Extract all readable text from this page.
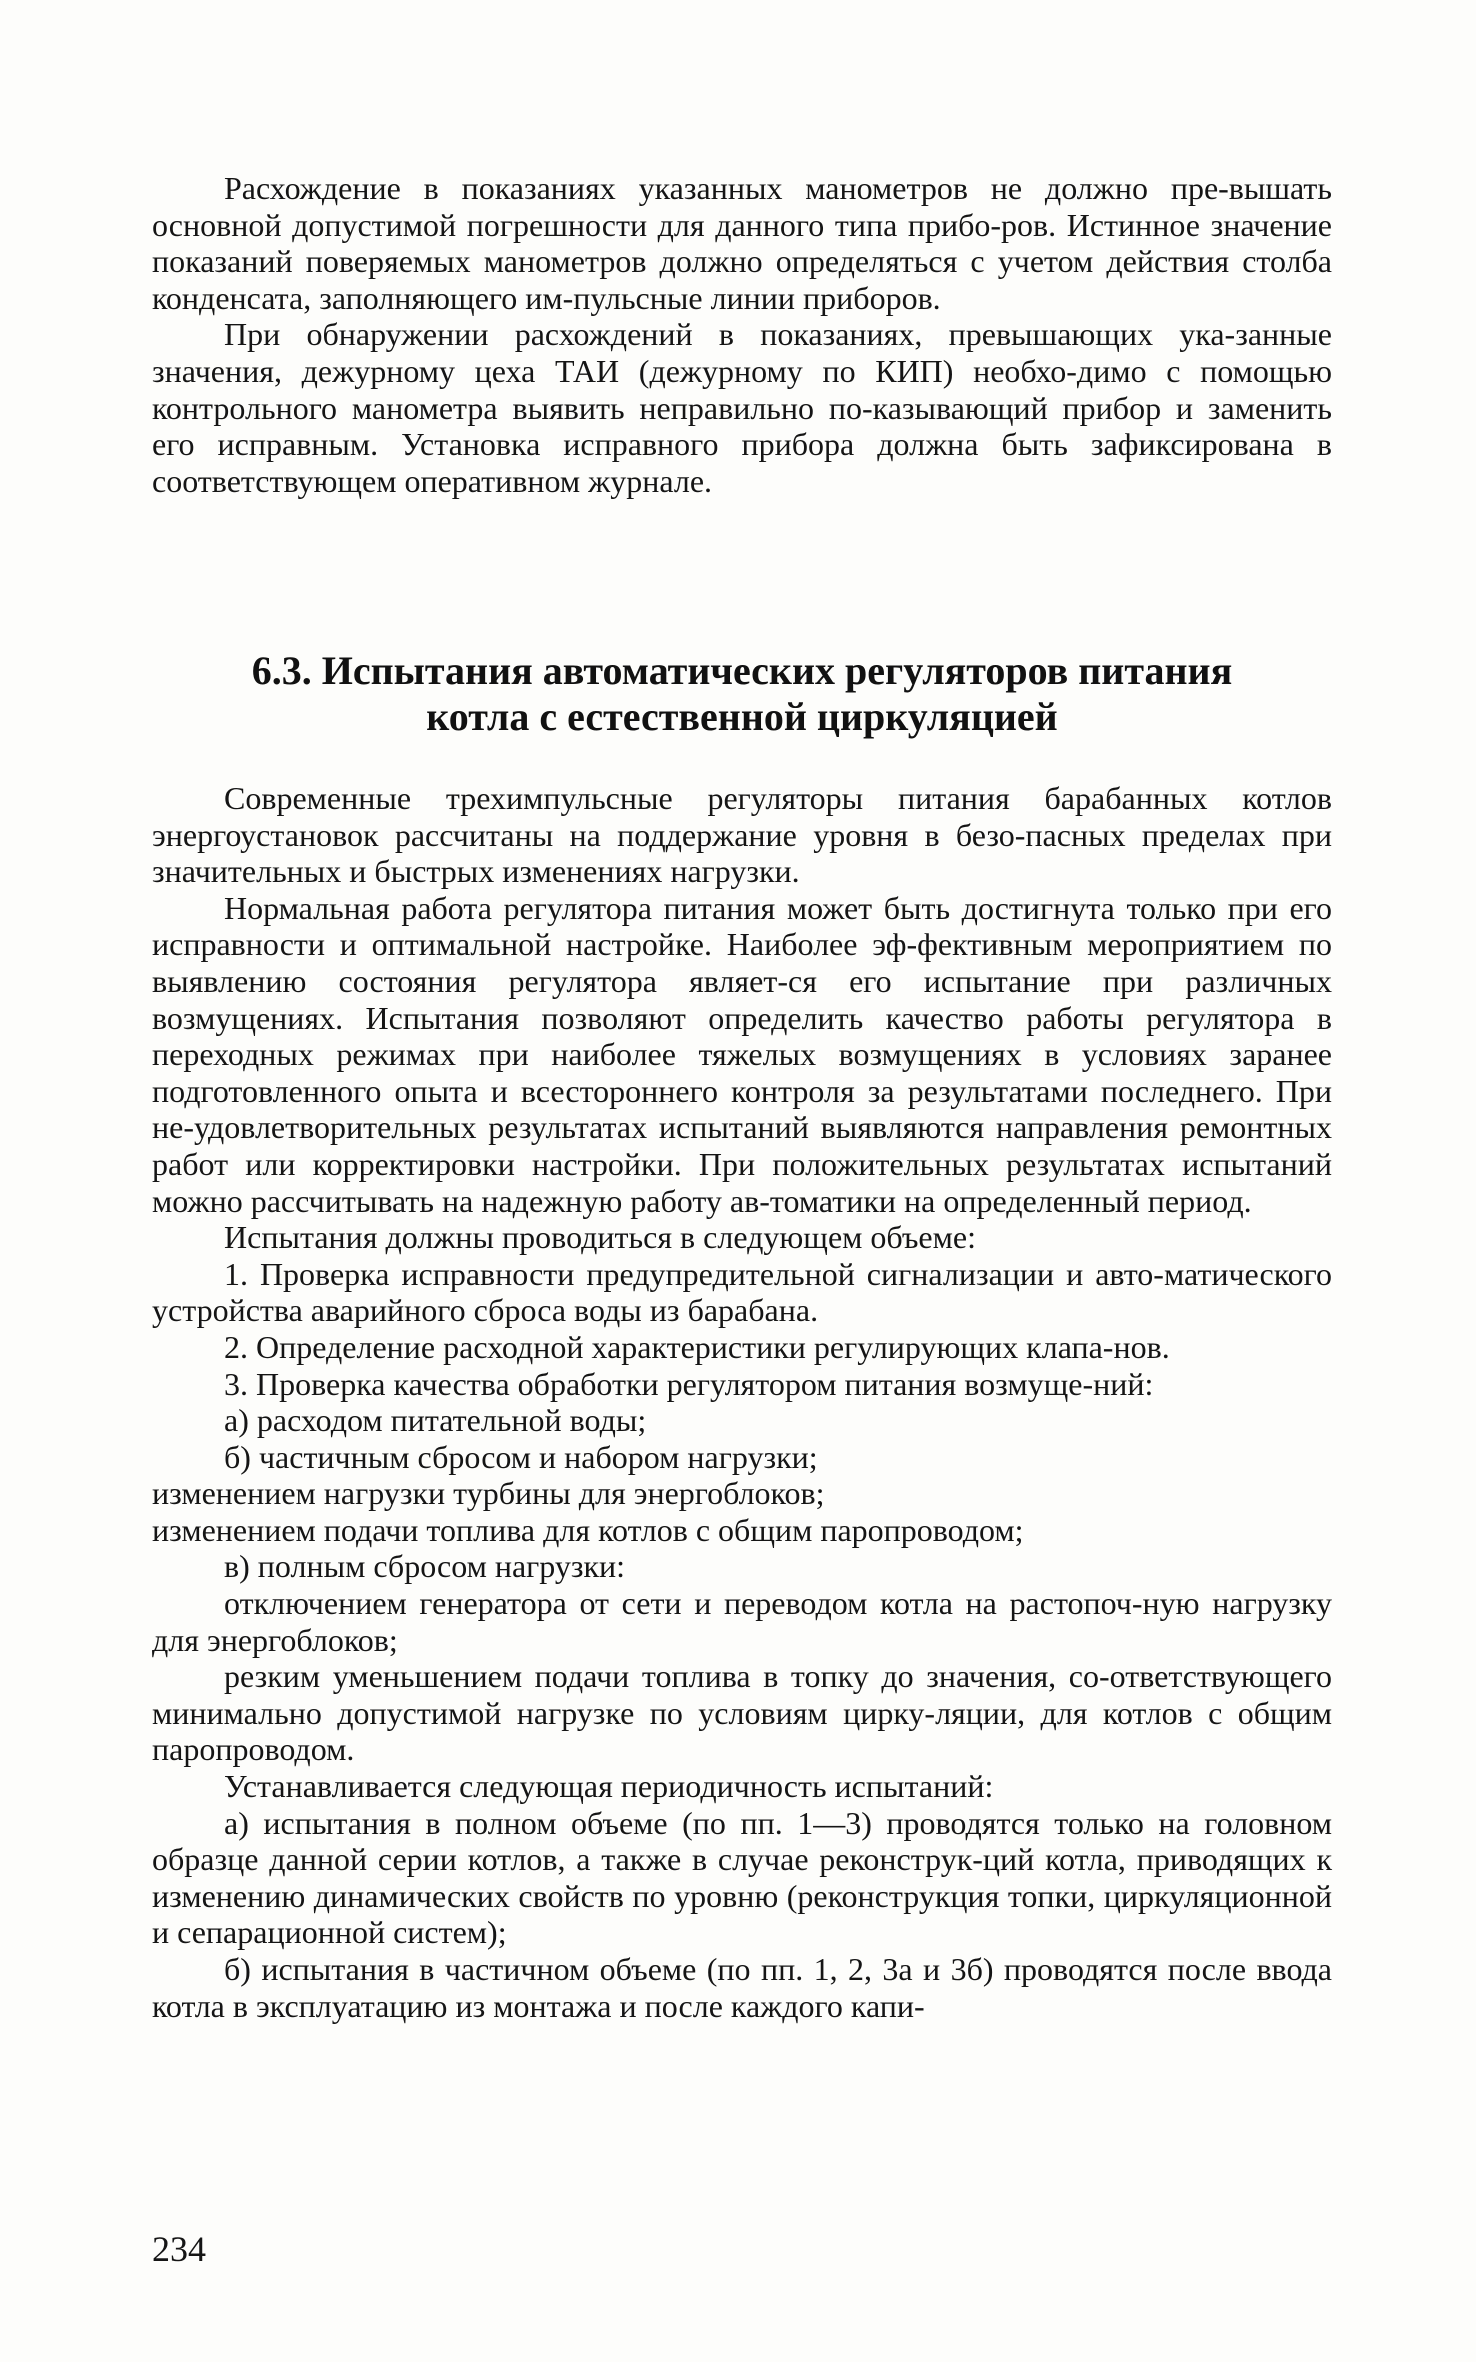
Расхождение в показаниях указанных манометров не должно пре-вышать основной допустимой погрешности для данного типа прибо-ров. Истинное значение показаний поверяемых манометров должно определяться с учетом действия столба конденсата, заполняющего им-пульсные линии приборов.

При обнаружении расхождений в показаниях, превышающих ука-занные значения, дежурному цеха ТАИ (дежурному по КИП) необхо-димо с помощью контрольного манометра выявить неправильно по-казывающий прибор и заменить его исправным. Установка исправного прибора должна быть зафиксирована в соответствующем оперативном журнале.

6.3. Испытания автоматических регуляторов питания
котла с естественной циркуляцией

Современные трехимпульсные регуляторы питания барабанных котлов энергоустановок рассчитаны на поддержание уровня в безо-пасных пределах при значительных и быстрых изменениях нагрузки.

Нормальная работа регулятора питания может быть достигнута только при его исправности и оптимальной настройке. Наиболее эф-фективным мероприятием по выявлению состояния регулятора являет-ся его испытание при различных возмущениях. Испытания позволяют определить качество работы регулятора в переходных режимах при наиболее тяжелых возмущениях в условиях заранее подготовленного опыта и всестороннего контроля за результатами последнего. При не-удовлетворительных результатах испытаний выявляются направления ремонтных работ или корректировки настройки. При положительных результатах испытаний можно рассчитывать на надежную работу ав-томатики на определенный период.

Испытания должны проводиться в следующем объеме:

1. Проверка исправности предупредительной сигнализации и авто-матического устройства аварийного сброса воды из барабана.

2. Определение расходной характеристики регулирующих клапа-нов.

3. Проверка качества обработки регулятором питания возмуще-ний:

а) расходом питательной воды;

б) частичным сбросом и набором нагрузки;

изменением нагрузки турбины для энергоблоков;

изменением подачи топлива для котлов с общим паропроводом;

в) полным сбросом нагрузки:

отключением генератора от сети и переводом котла на растопоч-ную нагрузку для энергоблоков;

резким уменьшением подачи топлива в топку до значения, со-ответствующего минимально допустимой нагрузке по условиям цирку-ляции, для котлов с общим паропроводом.

Устанавливается следующая периодичность испытаний:

а) испытания в полном объеме (по пп. 1—3) проводятся только на головном образце данной серии котлов, а также в случае реконструк-ций котла, приводящих к изменению динамических свойств по уровню (реконструкция топки, циркуляционной и сепарационной систем);

б) испытания в частичном объеме (по пп. 1, 2, 3а и 3б) проводятся после ввода котла в эксплуатацию из монтажа и после каждого капи-

234
